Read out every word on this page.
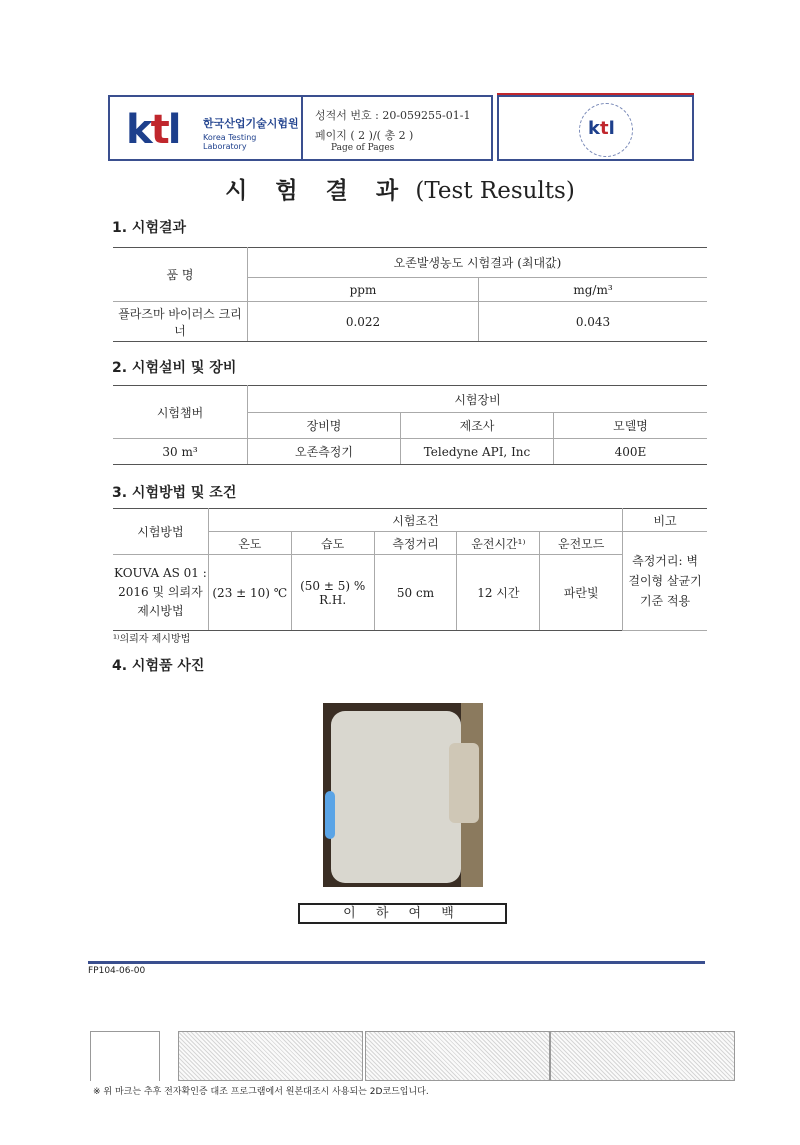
ktl 한국산업기술시험원
Korea Testing Laboratory
성적서 번호 : 20-059255-01-1
페이지 ( 2 )/( 총 2 )
Page of Pages
ktl
시 험 결 과 (Test Results)
1. 시험결과
품 명	오존발생농도 시험결과 (최대값)	
	ppm	mg/m³
플라즈마 바이러스 크리너	0.022	0.043
2. 시험설비 및 장비
시험챔버	시험장비		
	장비명	제조사	모델명
30 m³	오존측정기	Teledyne API, Inc	400E
3. 시험방법 및 조건
시험방법	시험조건					비고
	온도	습도	측정거리	운전시간¹⁾	운전모드	측정거리: 벽걸이형 살균기 기준 적용
KOUVA AS 01 : 2016 및 의뢰자 제시방법	(23 ± 10) ℃	(50 ± 5) % R.H.	50 cm	12 시간	파란빛	
¹⁾의뢰자 제시방법
4. 시험품 사진
이 하 여 백
FP104-06-00
※ 위 마크는 추후 전자확인증 대조 프로그램에서 원본대조시 사용되는 2D코드입니다.
